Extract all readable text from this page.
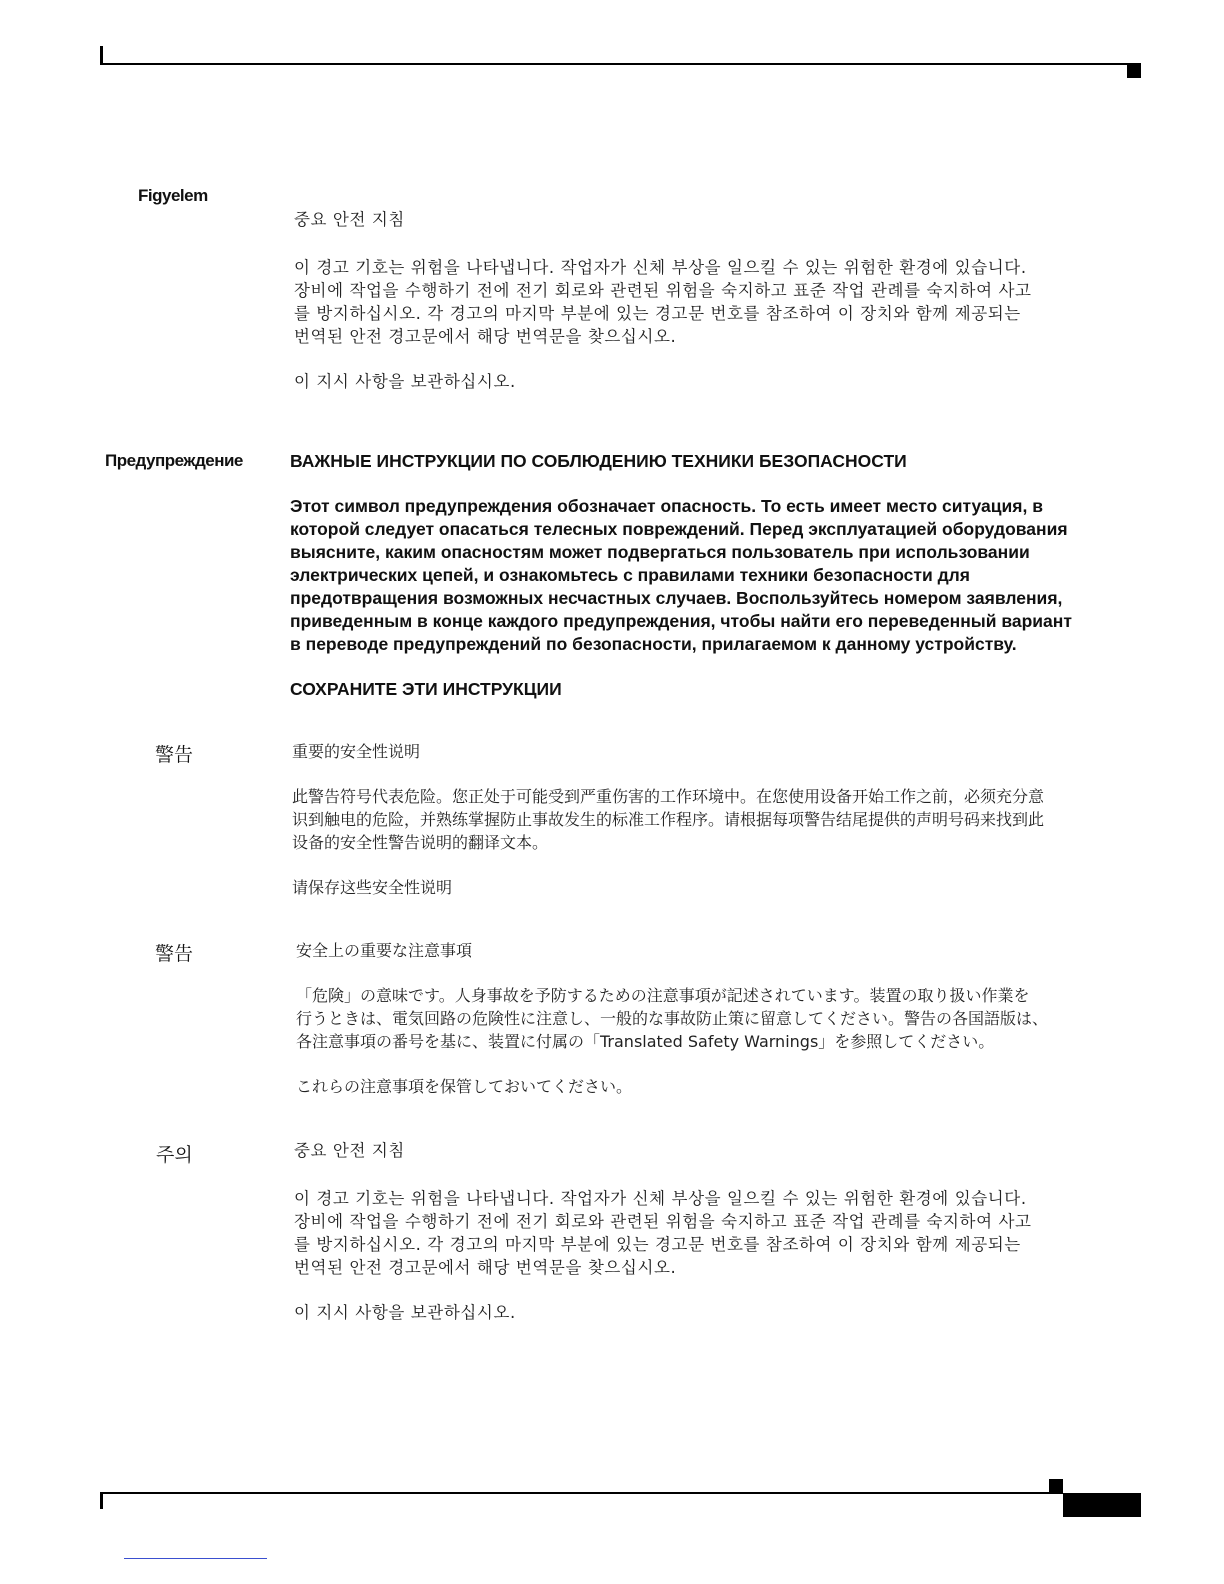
Figyelem

중요 안전 지침

이 경고 기호는 위험을 나타냅니다. 작업자가 신체 부상을 일으킬 수 있는 위험한 환경에 있습니다.
장비에 작업을 수행하기 전에 전기 회로와 관련된 위험을 숙지하고 표준 작업 관례를 숙지하여 사고
를 방지하십시오. 각 경고의 마지막 부분에 있는 경고문 번호를 참조하여 이 장치와 함께 제공되는
번역된 안전 경고문에서 해당 번역문을 찾으십시오.

이 지시 사항을 보관하십시오.

Предупреждение	ВАЖНЫЕ ИНСТРУКЦИИ ПО СОБЛЮДЕНИЮ ТЕХНИКИ БЕЗОПАСНОСТИ

Этот символ предупреждения обозначает опасность. То есть имеет место ситуация, в
которой следует опасаться телесных повреждений. Перед эксплуатацией оборудования
выясните, каким опасностям может подвергаться пользователь при использовании
электрических цепей, и ознакомьтесь с правилами техники безопасности для
предотвращения возможных несчастных случаев. Воспользуйтесь номером заявления,
приведенным в конце каждого предупреждения, чтобы найти его переведенный вариант
в переводе предупреждений по безопасности, прилагаемом к данному устройству.

СОХРАНИТЕ ЭТИ ИНСТРУКЦИИ

警告	重要的安全性说明

此警告符号代表危险。您正处于可能受到严重伤害的工作环境中。在您使用设备开始工作之前，必须充分意
识到触电的危险，并熟练掌握防止事故发生的标准工作程序。请根据每项警告结尾提供的声明号码来找到此
设备的安全性警告说明的翻译文本。

请保存这些安全性说明

警告	安全上の重要な注意事項

「危険」の意味です。人身事故を予防するための注意事項が記述されています。装置の取り扱い作業を
行うときは、電気回路の危険性に注意し、一般的な事故防止策に留意してください。警告の各国語版は、
各注意事項の番号を基に、装置に付属の「Translated Safety Warnings」を参照してください。

これらの注意事項を保管しておいてください。

주의	중요 안전 지침

이 경고 기호는 위험을 나타냅니다. 작업자가 신체 부상을 일으킬 수 있는 위험한 환경에 있습니다.
장비에 작업을 수행하기 전에 전기 회로와 관련된 위험을 숙지하고 표준 작업 관례를 숙지하여 사고
를 방지하십시오. 각 경고의 마지막 부분에 있는 경고문 번호를 참조하여 이 장치와 함께 제공되는
번역된 안전 경고문에서 해당 번역문을 찾으십시오.

이 지시 사항을 보관하십시오.
